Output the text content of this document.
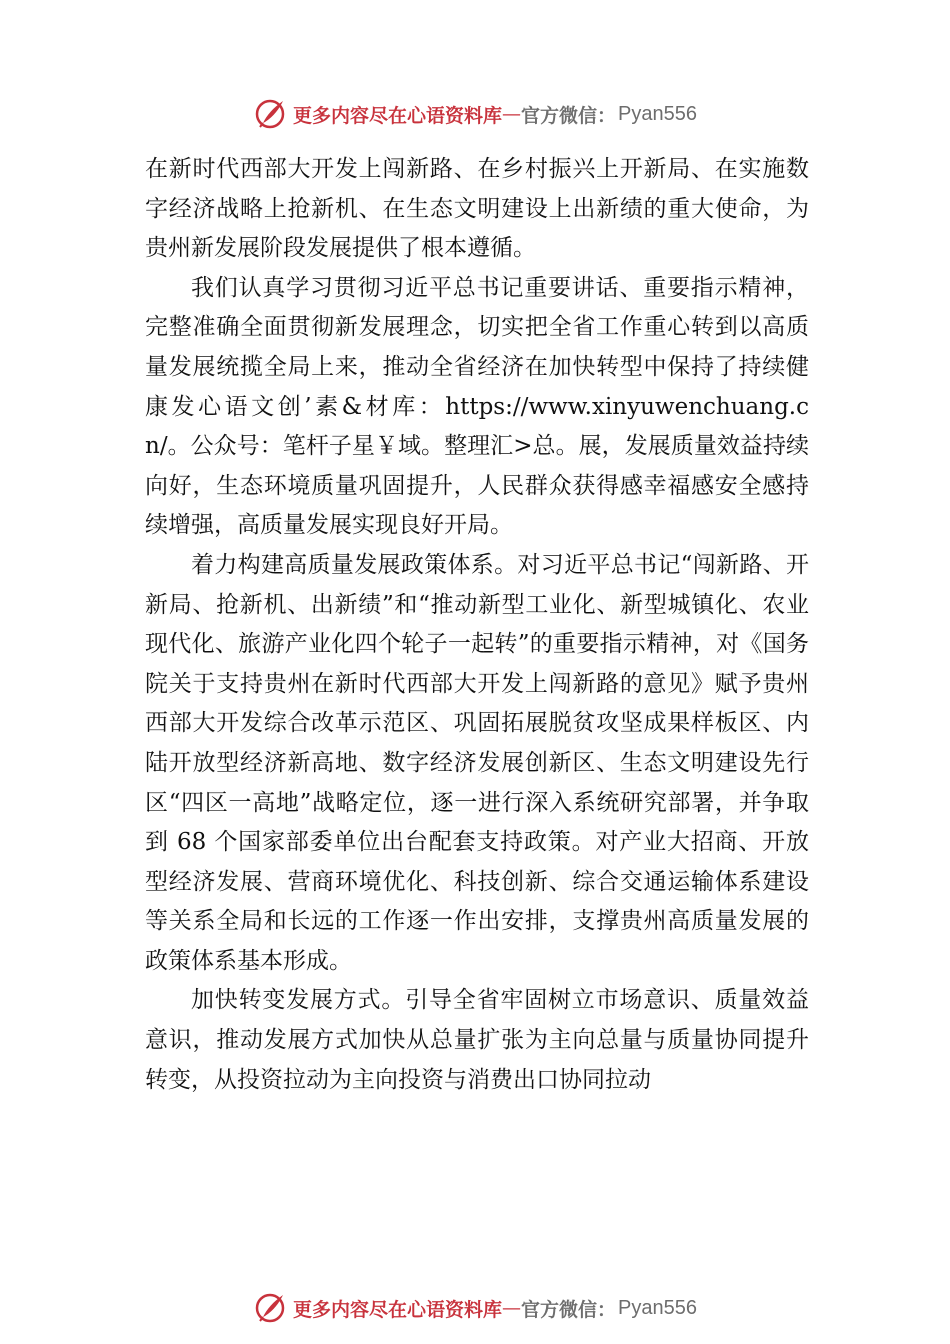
更多内容尽在心语资料库 — 官方微信： Pyan556

在新时代西部大开发上闯新路、在乡村振兴上开新局、在实施数字经济战略上抢新机、在生态文明建设上出新绩的重大使命，为贵州新发展阶段发展提供了根本遵循。

我们认真学习贯彻习近平总书记重要讲话、重要指示精神，完整准确全面贯彻新发展理念，切实把全省工作重心转到以高质量发展统揽全局上来，推动全省经济在加快转型中保持了持续健康发心语文创’素&材库：https://www.xinyuwenchuang.cn/。公众号：笔杆子星￥域。整理汇>总。展，发展质量效益持续向好，生态环境质量巩固提升，人民群众获得感幸福感安全感持续增强，高质量发展实现良好开局。

着力构建高质量发展政策体系。对习近平总书记“闯新路、开新局、抢新机、出新绩”和“推动新型工业化、新型城镇化、农业现代化、旅游产业化四个轮子一起转”的重要指示精神，对《国务院关于支持贵州在新时代西部大开发上闯新路的意见》赋予贵州西部大开发综合改革示范区、巩固拓展脱贫攻坚成果样板区、内陆开放型经济新高地、数字经济发展创新区、生态文明建设先行区“四区一高地”战略定位，逐一进行深入系统研究部署，并争取到 68 个国家部委单位出台配套支持政策。对产业大招商、开放型经济发展、营商环境优化、科技创新、综合交通运输体系建设等关系全局和长远的工作逐一作出安排，支撑贵州高质量发展的政策体系基本形成。

加快转变发展方式。引导全省牢固树立市场意识、质量效益意识，推动发展方式加快从总量扩张为主向总量与质量协同提升转变，从投资拉动为主向投资与消费出口协同拉动

更多内容尽在心语资料库 — 官方微信： Pyan556
